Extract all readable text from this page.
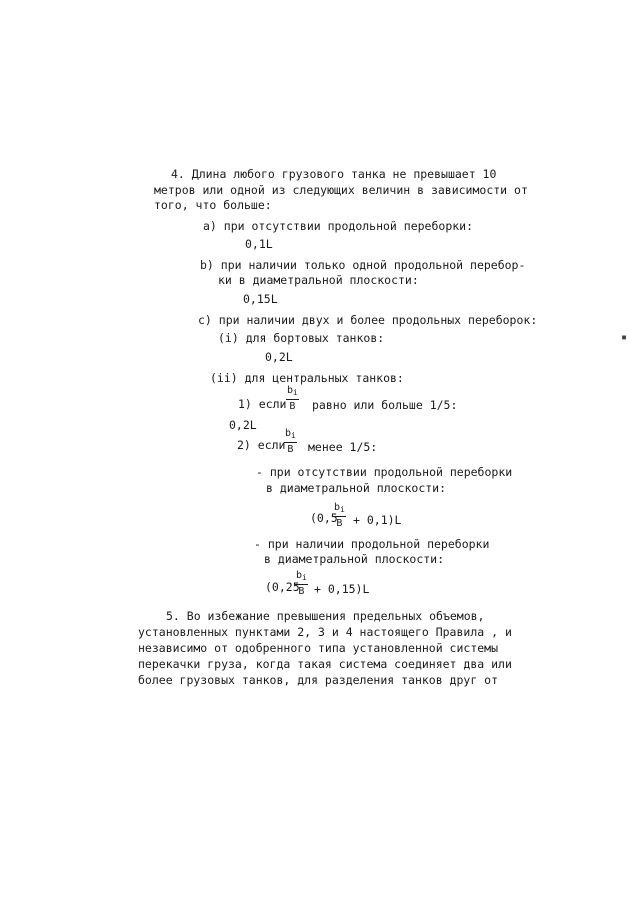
4. Длина любого грузового танка не превышает 10
метров или одной из следующих величин в зависимости от
того, что больше:
a) при отсутствии продольной переборки:
0,1L
b) при наличии только одной продольной перебор-
ки в диаметральной плоскости:
0,15L
c) при наличии двух и более продольных переборок:
▪
(i) для бортовых танков:
0,2L
(ii) для центральных танков:
1) если
$b_i$
B равно или больше 1/5:
0,2L
2) если
$b_i$
B менее 1/5:
- при отсутствии продольной переборки
в диаметральной плоскости:
(0,5
$b_i$
B + 0,1)L
- при наличии продольной переборки
в диаметральной плоскости:
(0,25
$b_i$
B + 0,15)L
5. Во избежание превышения предельных объемов,
установленных пунктами 2, 3 и 4 настоящего Правила , и
независимо от одобренного типа установленной системы
перекачки груза, когда такая система соединяет два или
более грузовых танков, для разделения танков друг от
